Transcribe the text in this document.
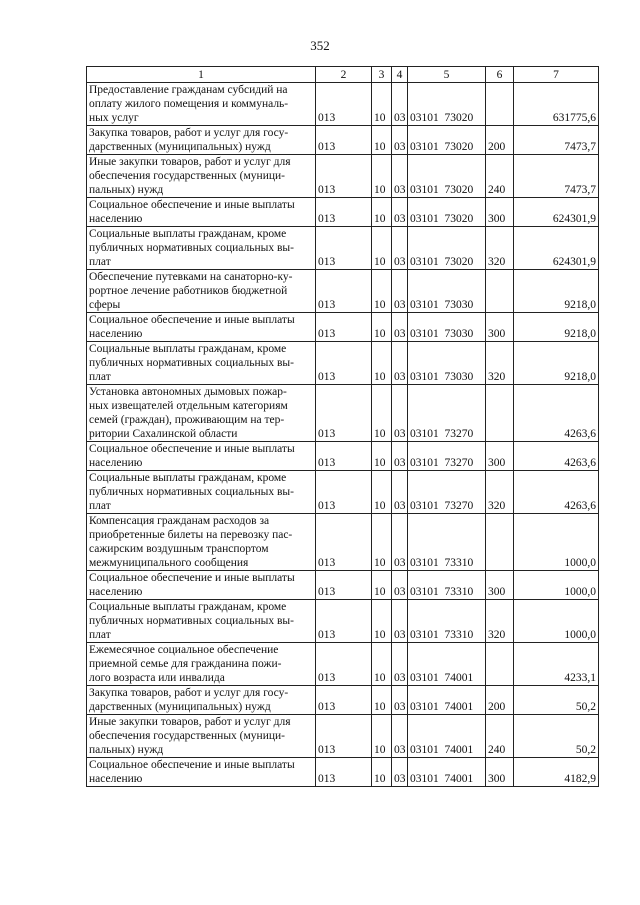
352
1	2	3	4	5	6	7
Предоставление гражданам субсидий на
оплату жилого помещения и коммуналь-
ных услуг	013	10	03	03101  73020		631775,6
Закупка товаров, работ и услуг для госу-
дарственных (муниципальных) нужд	013	10	03	03101  73020	200	7473,7
Иные закупки товаров, работ и услуг для
обеспечения государственных (муници-
пальных) нужд	013	10	03	03101  73020	240	7473,7
Социальное обеспечение и иные выплаты
населению	013	10	03	03101  73020	300	624301,9
Социальные выплаты гражданам, кроме
публичных нормативных социальных вы-
плат	013	10	03	03101  73020	320	624301,9
Обеспечение путевками на санаторно-ку-
рортное лечение работников бюджетной
сферы	013	10	03	03101  73030		9218,0
Социальное обеспечение и иные выплаты
населению	013	10	03	03101  73030	300	9218,0
Социальные выплаты гражданам, кроме
публичных нормативных социальных вы-
плат	013	10	03	03101  73030	320	9218,0
Установка автономных дымовых пожар-
ных извещателей отдельным категориям
семей (граждан), проживающим на тер-
ритории Сахалинской области	013	10	03	03101  73270		4263,6
Социальное обеспечение и иные выплаты
населению	013	10	03	03101  73270	300	4263,6
Социальные выплаты гражданам, кроме
публичных нормативных социальных вы-
плат	013	10	03	03101  73270	320	4263,6
Компенсация гражданам расходов за
приобретенные билеты на перевозку пас-
сажирским воздушным транспортом
межмуниципального сообщения	013	10	03	03101  73310		1000,0
Социальное обеспечение и иные выплаты
населению	013	10	03	03101  73310	300	1000,0
Социальные выплаты гражданам, кроме
публичных нормативных социальных вы-
плат	013	10	03	03101  73310	320	1000,0
Ежемесячное социальное обеспечение
приемной семье для гражданина пожи-
лого возраста или инвалида	013	10	03	03101  74001		4233,1
Закупка товаров, работ и услуг для госу-
дарственных (муниципальных) нужд	013	10	03	03101  74001	200	50,2
Иные закупки товаров, работ и услуг для
обеспечения государственных (муници-
пальных) нужд	013	10	03	03101  74001	240	50,2
Социальное обеспечение и иные выплаты
населению	013	10	03	03101  74001	300	4182,9
